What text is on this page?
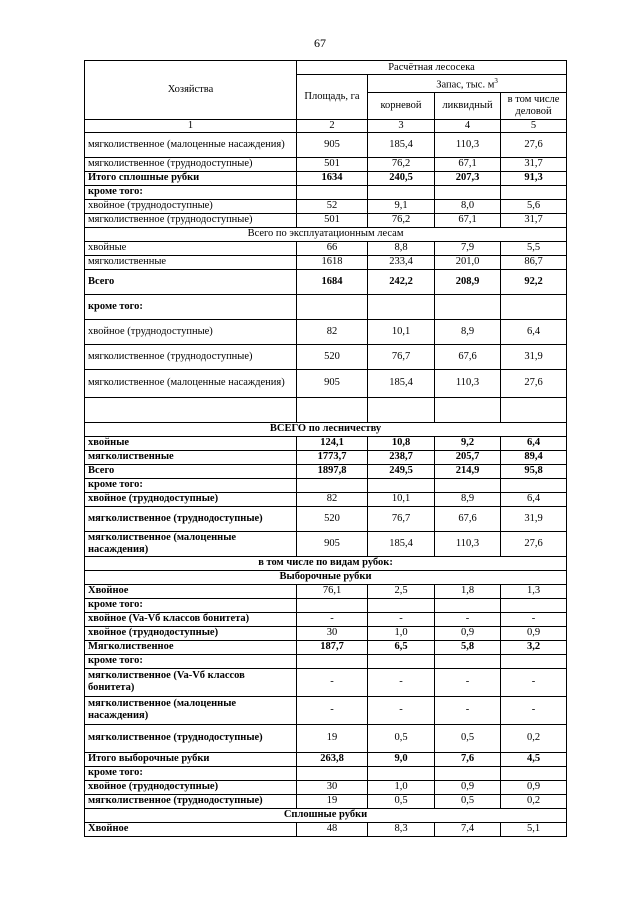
67
Хозяйства	Расчётная лесосека			
	Площадь, га	Запас, тыс. $м^3$
		корневой	ликвидный	в том числе деловой
1	2	3	4	5
мягколиственное (малоценные насаждения)	905	185,4	110,3	27,6
мягколиственное (труднодоступные)	501	76,2	67,1	31,7
Итого сплошные рубки	1634	240,5	207,3	91,3
кроме того:				
хвойное (труднодоступные)	52	9,1	8,0	5,6
мягколиственное (труднодоступные)	501	76,2	67,1	31,7
Всего по эксплуатационным лесам				
хвойные	66	8,8	7,9	5,5
мягколиственные	1618	233,4	201,0	86,7
Всего	1684	242,2	208,9	92,2
кроме того:				
хвойное (труднодоступные)	82	10,1	8,9	6,4
мягколиственное (труднодоступные)	520	76,7	67,6	31,9
мягколиственное (малоценные насаждения)	905	185,4	110,3	27,6

ВСЕГО по лесничеству				
хвойные	124,1	10,8	9,2	6,4
мягколиственные	1773,7	238,7	205,7	89,4
Всего	1897,8	249,5	214,9	95,8
кроме того:				
хвойное (труднодоступные)	82	10,1	8,9	6,4
мягколиственное (труднодоступные)	520	76,7	67,6	31,9
мягколиственное (малоценные насаждения)	905	185,4	110,3	27,6
в том числе по видам рубок:				
Выборочные рубки				
Хвойное	76,1	2,5	1,8	1,3
кроме того:				
хвойное (Va-Vб классов бонитета)	-	-	-	-
хвойное (труднодоступные)	30	1,0	0,9	0,9
Мягколиственное	187,7	6,5	5,8	3,2
кроме того:				
мягколиственное (Va-Vб классов бонитета)	-	-	-	-
мягколиственное (малоценные насаждения)	-	-	-	-
мягколиственное (труднодоступные)	19	0,5	0,5	0,2
Итого выборочные рубки	263,8	9,0	7,6	4,5
кроме того:				
хвойное (труднодоступные)	30	1,0	0,9	0,9
мягколиственное (труднодоступные)	19	0,5	0,5	0,2
Сплошные рубки				
Хвойное	48	8,3	7,4	5,1
